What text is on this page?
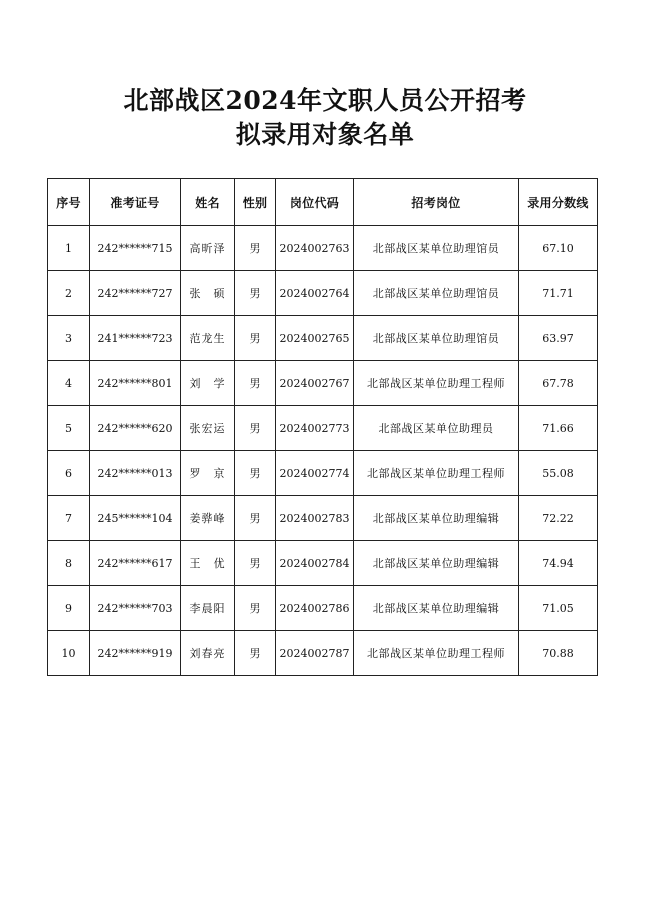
北部战区2024年文职人员公开招考
拟录用对象名单
序号	准考证号	姓名	性别	岗位代码	招考岗位	录用分数线
1	242******715	高昕泽	男	2024002763	北部战区某单位助理馆员	67.10
2	242******727	张　硕	男	2024002764	北部战区某单位助理馆员	71.71
3	241******723	范龙生	男	2024002765	北部战区某单位助理馆员	63.97
4	242******801	刘　学	男	2024002767	北部战区某单位助理工程师	67.78
5	242******620	张宏运	男	2024002773	北部战区某单位助理员	71.66
6	242******013	罗　京	男	2024002774	北部战区某单位助理工程师	55.08
7	245******104	姜骅峰	男	2024002783	北部战区某单位助理编辑	72.22
8	242******617	王　优	男	2024002784	北部战区某单位助理编辑	74.94
9	242******703	李晨阳	男	2024002786	北部战区某单位助理编辑	71.05
10	242******919	刘春亮	男	2024002787	北部战区某单位助理工程师	70.88
